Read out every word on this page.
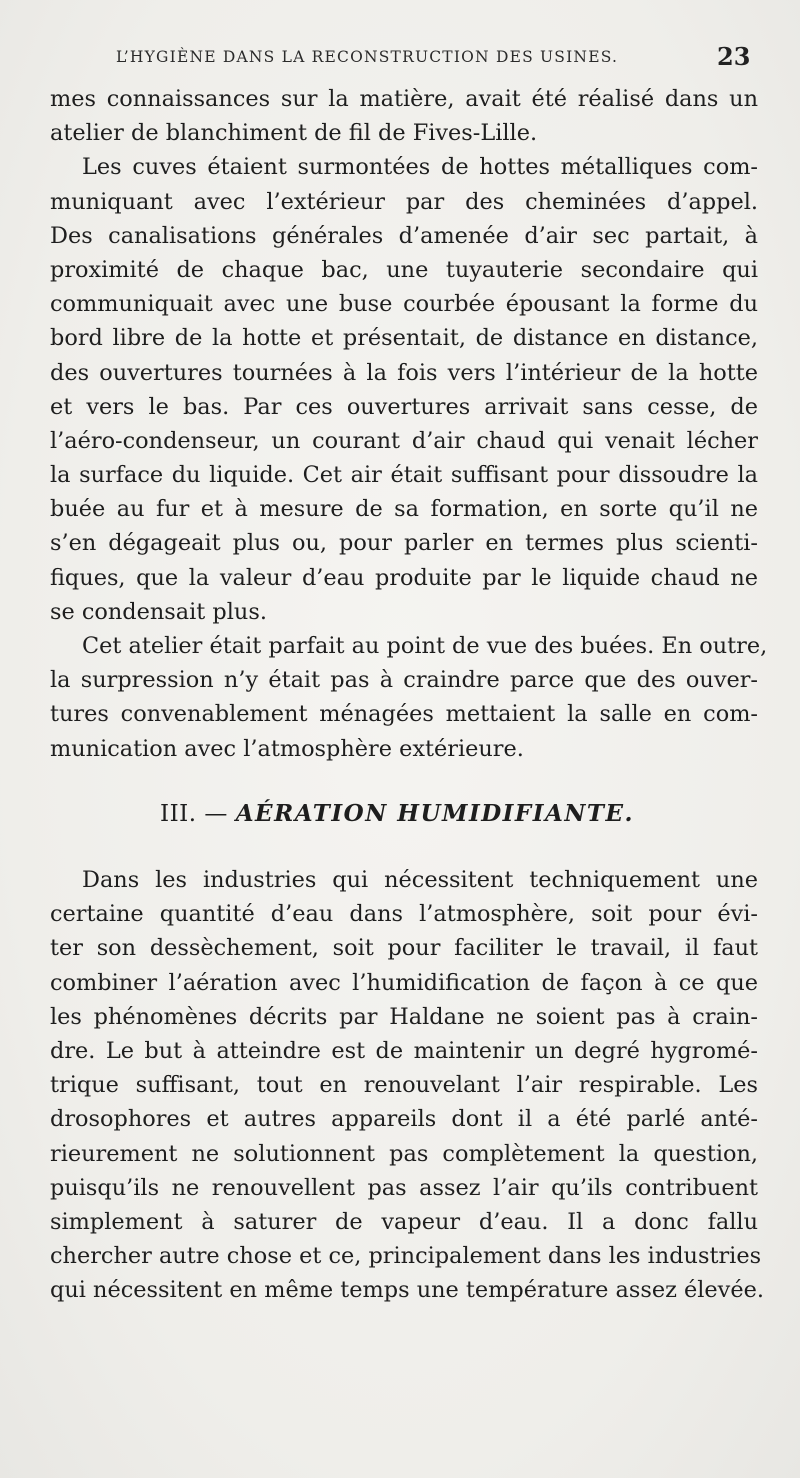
L’HYGIÈNE DANS LA RECONSTRUCTION DES USINES.	23
mes connaissances sur la matière, avait été réalisé dans un
atelier de blanchiment de fil de Fives-Lille.
Les cuves étaient surmontées de hottes métalliques com-
muniquant avec l’extérieur par des cheminées d’appel.
Des canalisations générales d’amenée d’air sec partait, à
proximité de chaque bac, une tuyauterie secondaire qui
communiquait avec une buse courbée épousant la forme du
bord libre de la hotte et présentait, de distance en distance,
des ouvertures tournées à la fois vers l’intérieur de la hotte
et vers le bas. Par ces ouvertures arrivait sans cesse, de
l’aéro-condenseur, un courant d’air chaud qui venait lécher
la surface du liquide. Cet air était suffisant pour dissoudre la
buée au fur et à mesure de sa formation, en sorte qu’il ne
s’en dégageait plus ou, pour parler en termes plus scienti-
fiques, que la valeur d’eau produite par le liquide chaud ne
se condensait plus.
Cet atelier était parfait au point de vue des buées. En outre,
la surpression n’y était pas à craindre parce que des ouver-
tures convenablement ménagées mettaient la salle en com-
munication avec l’atmosphère extérieure.
III. — AÉRATION HUMIDIFIANTE.
Dans les industries qui nécessitent techniquement une
certaine quantité d’eau dans l’atmosphère, soit pour évi-
ter son dessèchement, soit pour faciliter le travail, il faut
combiner l’aération avec l’humidification de façon à ce que
les phénomènes décrits par Haldane ne soient pas à crain-
dre. Le but à atteindre est de maintenir un degré hygromé-
trique suffisant, tout en renouvelant l’air respirable. Les
drosophores et autres appareils dont il a été parlé anté-
rieurement ne solutionnent pas complètement la question,
puisqu’ils ne renouvellent pas assez l’air qu’ils contribuent
simplement à saturer de vapeur d’eau. Il a donc fallu
chercher autre chose et ce, principalement dans les industries
qui nécessitent en même temps une température assez élevée.
